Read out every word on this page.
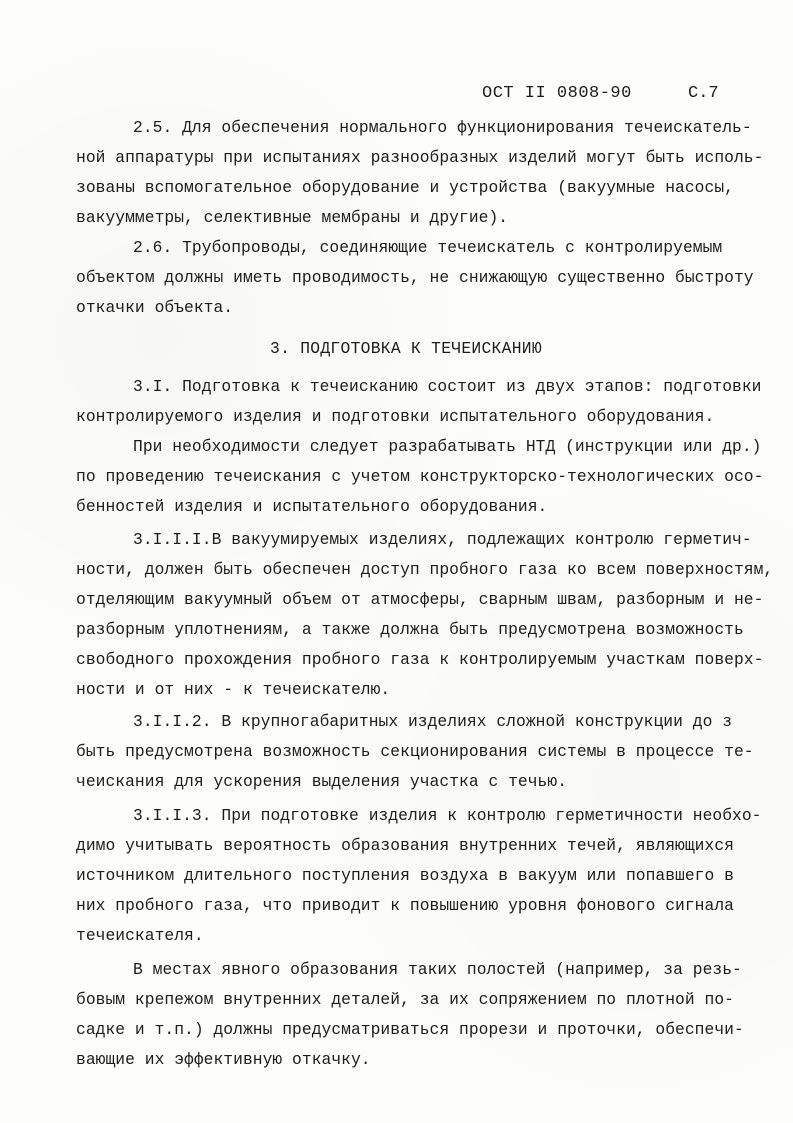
ОСТ II 0808-90	С.7
2.5. Для обеспечения нормального функционирования течеискатель-
ной аппаратуры при испытаниях разнообразных изделий могут быть исполь-
зованы вспомогательное оборудование и устройства (вакуумные насосы,
вакуумметры, селективные мембраны и другие).
2.6. Трубопроводы, соединяющие течеискатель с контролируемым
объектом должны иметь проводимость, не снижающую существенно быстроту
откачки объекта.
3. ПОДГОТОВКА К ТЕЧЕИСКАНИЮ
3.I. Подготовка к течеисканию состоит из двух этапов: подготовки
контролируемого изделия и подготовки испытательного оборудования.
При необходимости следует разрабатывать НТД (инструкции или др.)
по проведению течеискания с учетом конструкторско-технологических осо-
бенностей изделия и испытательного оборудования.
3.I.I.I.В вакуумируемых изделиях, подлежащих контролю герметич-
ности, должен быть обеспечен доступ пробного газа ко всем поверхностям,
отделяющим вакуумный объем от атмосферы, сварным швам, разборным и не-
разборным уплотнениям, а также должна быть предусмотрена возможность
свободного прохождения пробного газа к контролируемым участкам поверх-
ности и от них - к течеискателю.
3.I.I.2. В крупногабаритных изделиях сложной конструкции до з
быть предусмотрена возможность секционирования системы в процессе те-
чеискания для ускорения выделения участка с течью.
3.I.I.3. При подготовке изделия к контролю герметичности необхо-
димо учитывать вероятность образования внутренних течей, являющихся
источником длительного поступления воздуха в вакуум или попавшего в
них пробного газа, что приводит к повышению уровня фонового сигнала
течеискателя.
В местах явного образования таких полостей (например, за резь-
бовым крепежом внутренних деталей, за их сопряжением по плотной по-
садке и т.п.) должны предусматриваться прорези и проточки, обеспечи-
вающие их эффективную откачку.
